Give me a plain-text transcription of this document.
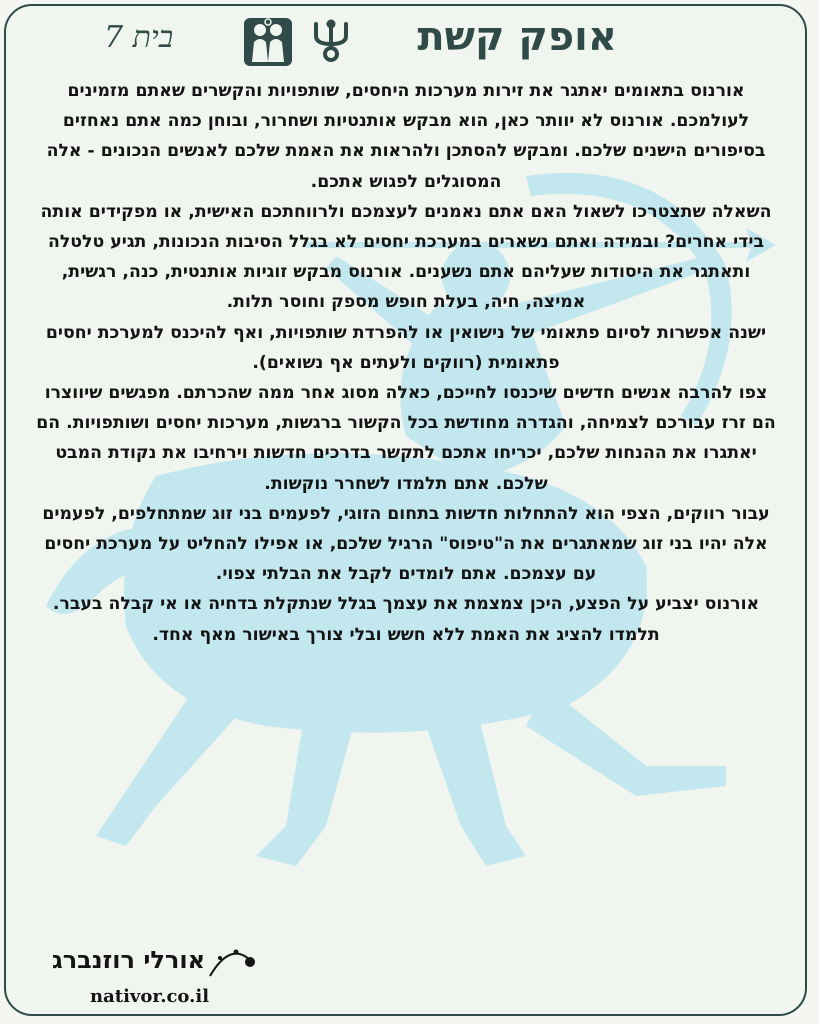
אופק קשת
בית 7

אורנוס בתאומים יאתגר את זירות מערכות היחסים, שותפויות והקשרים שאתם מזמינים לעולמכם. אורנוס לא יוותר כאן, הוא מבקש אותנטיות ושחרור, ובוחן כמה אתם נאחזים בסיפורים הישנים שלכם. ומבקש להסתכן ולהראות את האמת שלכם לאנשים הנכונים - אלה המסוגלים לפגוש אתכם.

השאלה שתצטרכו לשאול האם אתם נאמנים לעצמכם ולרווחתכם האישית, או מפקידים אותה בידי אחרים? ובמידה ואתם נשארים במערכת יחסים לא בגלל הסיבות הנכונות, תגיע טלטלה ותאתגר את היסודות שעליהם אתם נשענים. אורנוס מבקש זוגיות אותנטית, כנה, רגשית, אמיצה, חיה, בעלת חופש מספק וחוסר תלות.

ישנה אפשרות לסיום פתאומי של נישואין או להפרדת שותפויות, ואף להיכנס למערכת יחסים פתאומית (רווקים ולעתים אף נשואים).

צפו להרבה אנשים חדשים שיכנסו לחייכם, כאלה מסוג אחר ממה שהכרתם. מפגשים שיווצרו הם זרז עבורכם לצמיחה, והגדרה מחודשת בכל הקשור ברגשות, מערכות יחסים ושותפויות. הם יאתגרו את ההנחות שלכם, יכריחו אתכם לתקשר בדרכים חדשות וירחיבו את נקודת המבט שלכם. אתם תלמדו לשחרר נוקשות.

עבור רווקים, הצפי הוא להתחלות חדשות בתחום הזוגי, לפעמים בני זוג שמתחלפים, לפעמים אלה יהיו בני זוג שמאתגרים את ה"טיפוס" הרגיל שלכם, או אפילו להחליט על מערכת יחסים עם עצמכם. אתם לומדים לקבל את הבלתי צפוי.

אורנוס יצביע על הפצע, היכן צמצמת את עצמך בגלל שנתקלת בדחיה או אי קבלה בעבר. תלמדו להציג את האמת ללא חשש ובלי צורך באישור מאף אחד.

אורלי רוזנברג
nativor.co.il
